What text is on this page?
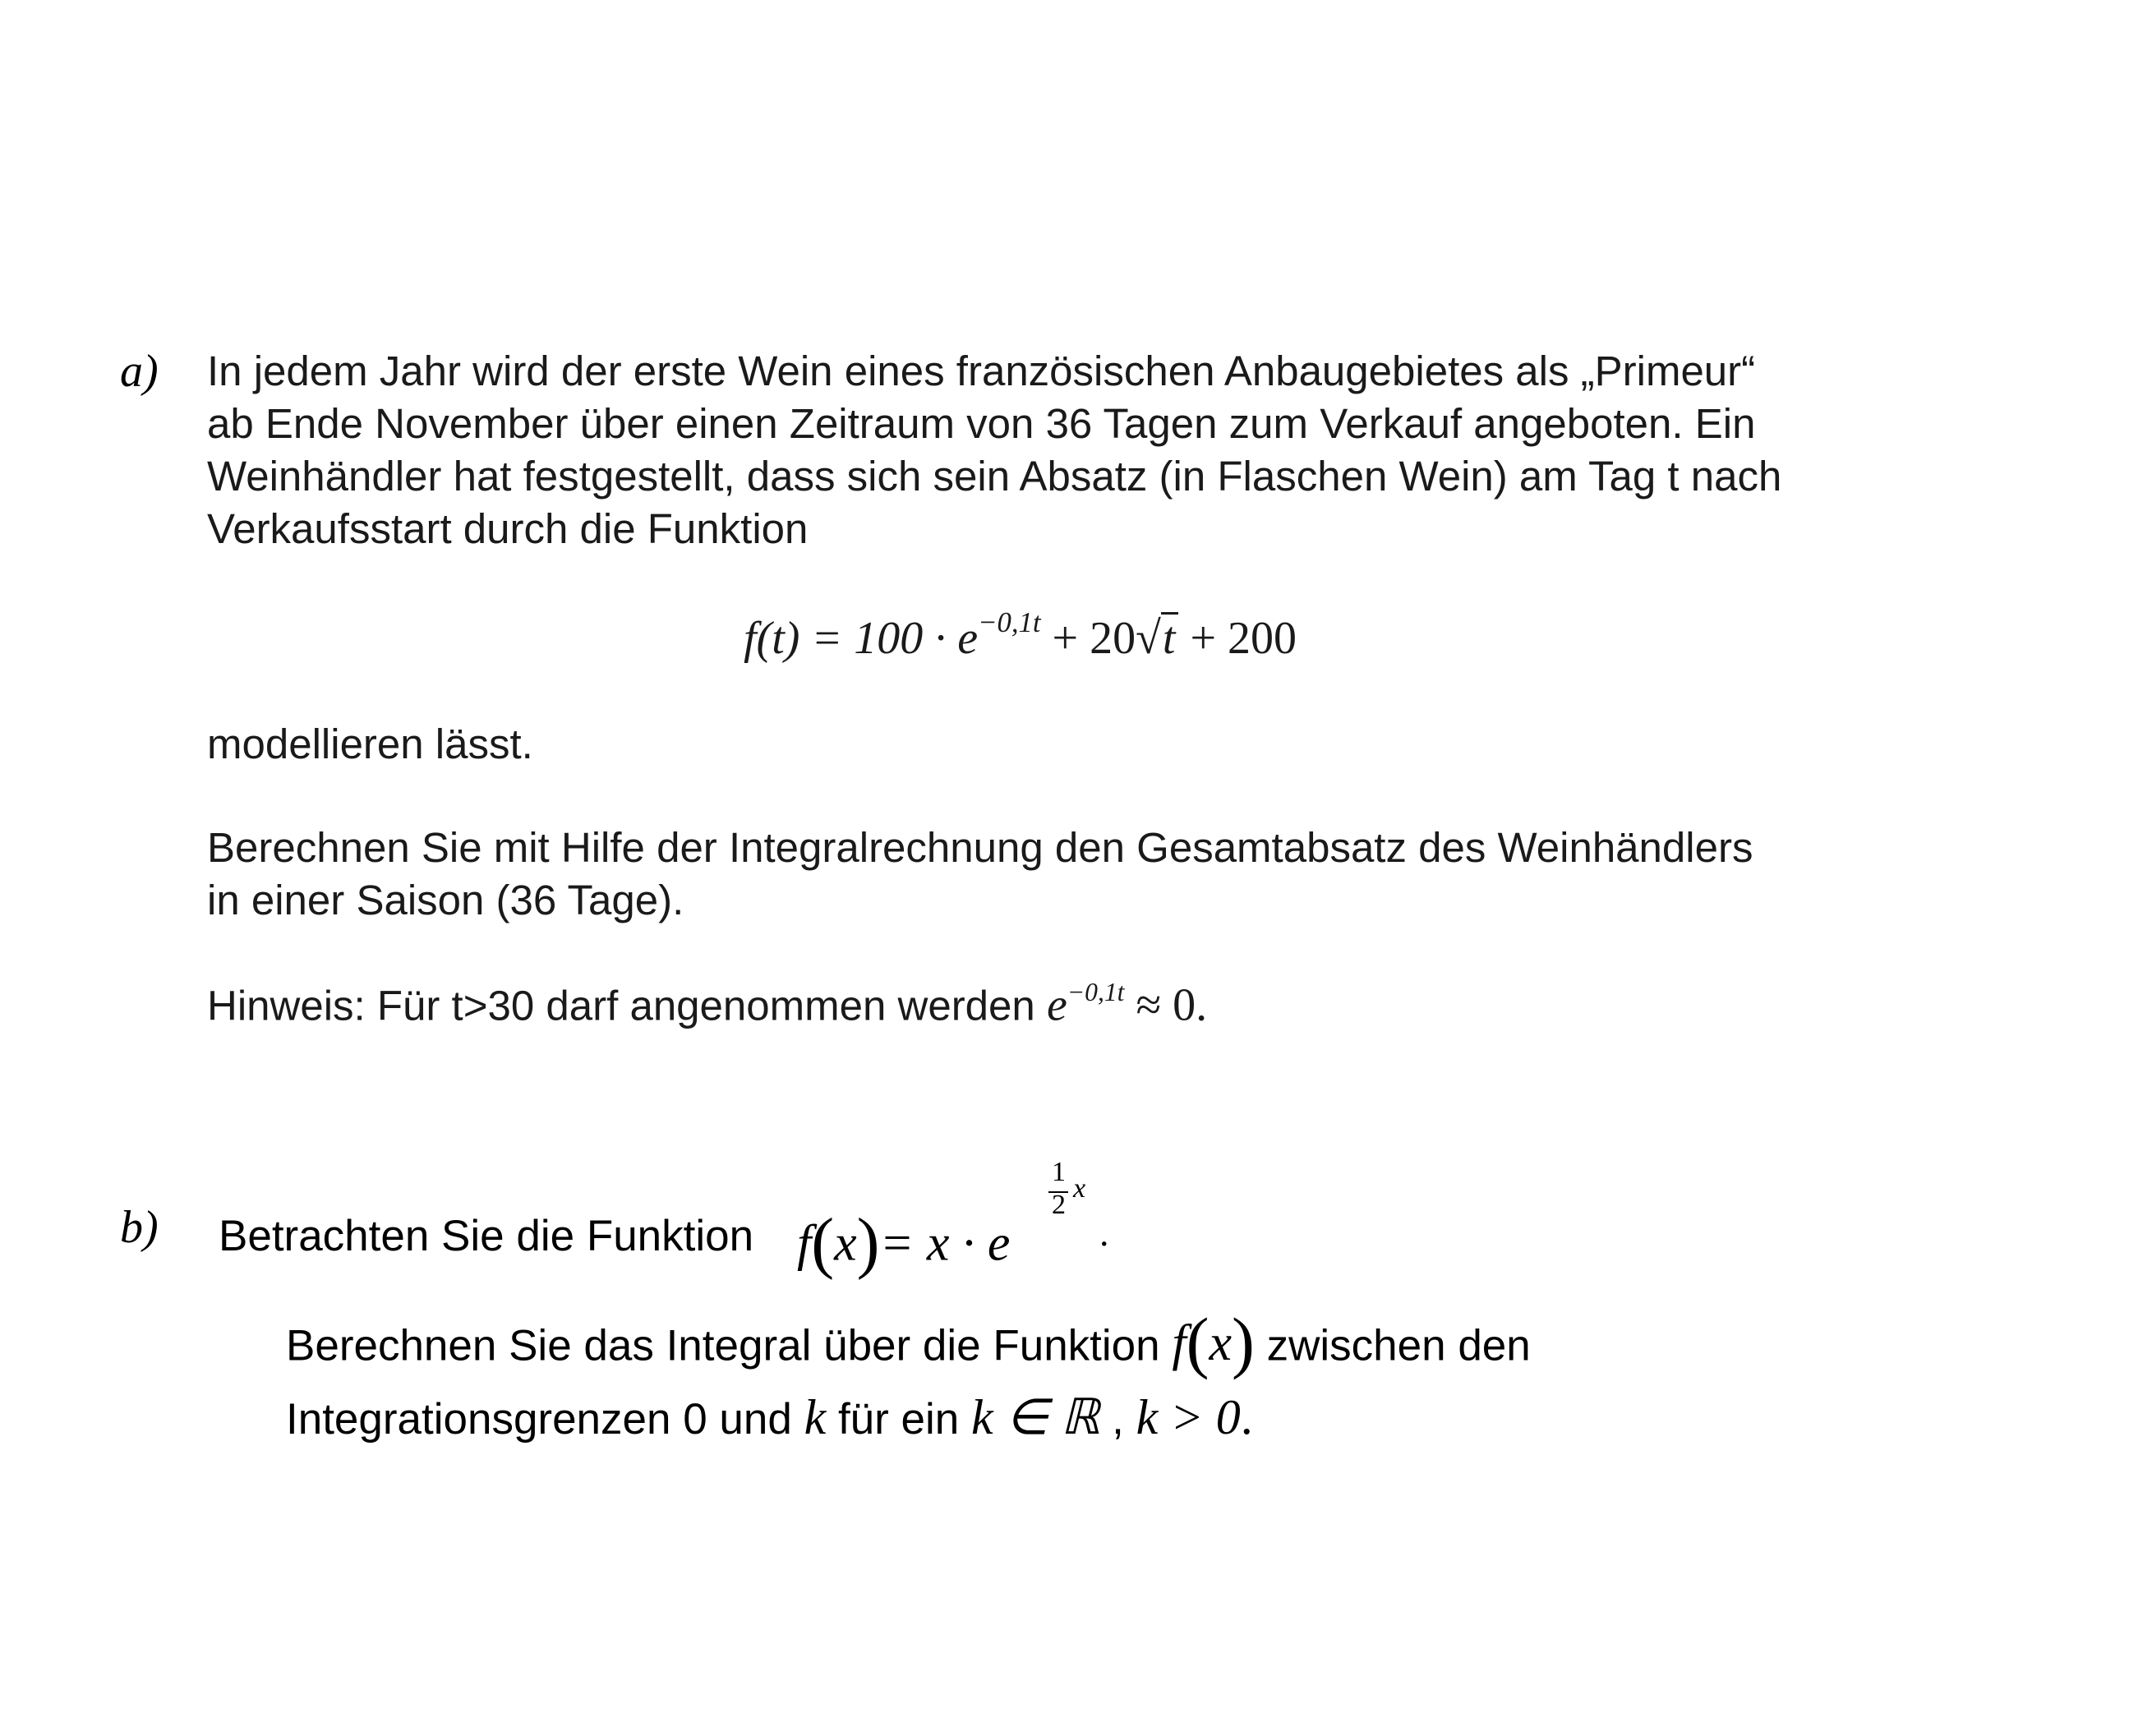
a) In jedem Jahr wird der erste Wein eines französischen Anbaugebietes als „Primeur“
ab Ende November über einen Zeitraum von 36 Tagen zum Verkauf angeboten. Ein
Weinhändler hat festgestellt, dass sich sein Absatz (in Flaschen Wein) am Tag t nach
Verkaufsstart durch die Funktion
$f(t) = 100 \cdot e^{-0,1t} + 20√t + 200$
modellieren lässt.
Berechnen Sie mit Hilfe der Integralrechnung den Gesamtabsatz des Weinhändlers
in einer Saison (36 Tage).
Hinweis: Für t>30 darf angenommen werden $e^{-0,1t} \approx 0$.
b) Betrachten Sie die Funktion f(x)= x · e
1
2
x
.
Berechnen Sie das Integral über die Funktion f(x) zwischen den
Integrationsgrenzen 0 und k für ein k ∈ ℝ , k > 0.
